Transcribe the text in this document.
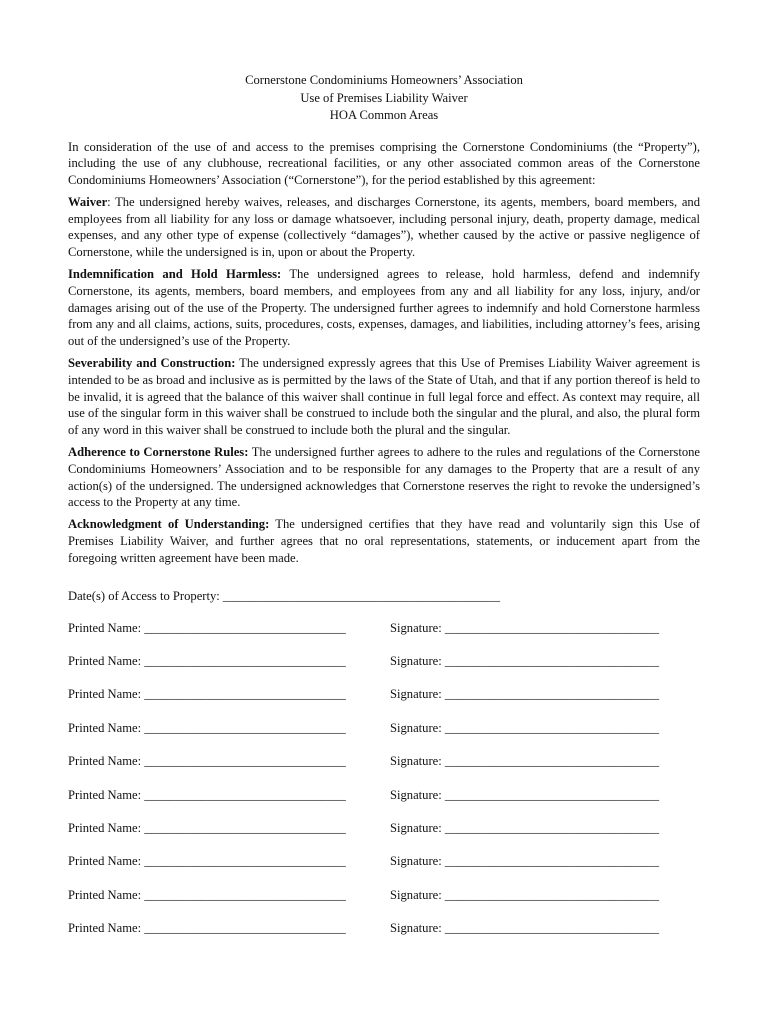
Cornerstone Condominiums Homeowners’ Association
Use of Premises Liability Waiver
HOA Common Areas

In consideration of the use of and access to the premises comprising the Cornerstone Condominiums (the “Property”), including the use of any clubhouse, recreational facilities, or any other associated common areas of the Cornerstone Condominiums Homeowners’ Association (“Cornerstone”), for the period established by this agreement:

Waiver: The undersigned hereby waives, releases, and discharges Cornerstone, its agents, members, board members, and employees from all liability for any loss or damage whatsoever, including personal injury, death, property damage, medical expenses, and any other type of expense (collectively “damages”), whether caused by the active or passive negligence of Cornerstone, while the undersigned is in, upon or about the Property.

Indemnification and Hold Harmless: The undersigned agrees to release, hold harmless, defend and indemnify Cornerstone, its agents, members, board members, and employees from any and all liability for any loss, injury, and/or damages arising out of the use of the Property. The undersigned further agrees to indemnify and hold Cornerstone harmless from any and all claims, actions, suits, procedures, costs, expenses, damages, and liabilities, including attorney’s fees, arising out of the undersigned’s use of the Property.

Severability and Construction: The undersigned expressly agrees that this Use of Premises Liability Waiver agreement is intended to be as broad and inclusive as is permitted by the laws of the State of Utah, and that if any portion thereof is held to be invalid, it is agreed that the balance of this waiver shall continue in full legal force and effect. As context may require, all use of the singular form in this waiver shall be construed to include both the singular and the plural, and also, the plural form of any word in this waiver shall be construed to include both the plural and the singular.

Adherence to Cornerstone Rules: The undersigned further agrees to adhere to the rules and regulations of the Cornerstone Condominiums Homeowners’ Association and to be responsible for any damages to the Property that are a result of any action(s) of the undersigned. The undersigned acknowledges that Cornerstone reserves the right to revoke the undersigned’s access to the Property at any time.

Acknowledgment of Understanding: The undersigned certifies that they have read and voluntarily sign this Use of Premises Liability Waiver, and further agrees that no oral representations, statements, or inducement apart from the foregoing written agreement have been made.

Date(s) of Access to Property: ____________________________________________
Printed Name: ________________________________	Signature: __________________________________
Printed Name: ________________________________	Signature: __________________________________
Printed Name: ________________________________	Signature: __________________________________
Printed Name: ________________________________	Signature: __________________________________
Printed Name: ________________________________	Signature: __________________________________
Printed Name: ________________________________	Signature: __________________________________
Printed Name: ________________________________	Signature: __________________________________
Printed Name: ________________________________	Signature: __________________________________
Printed Name: ________________________________	Signature: __________________________________
Printed Name: ________________________________	Signature: __________________________________
